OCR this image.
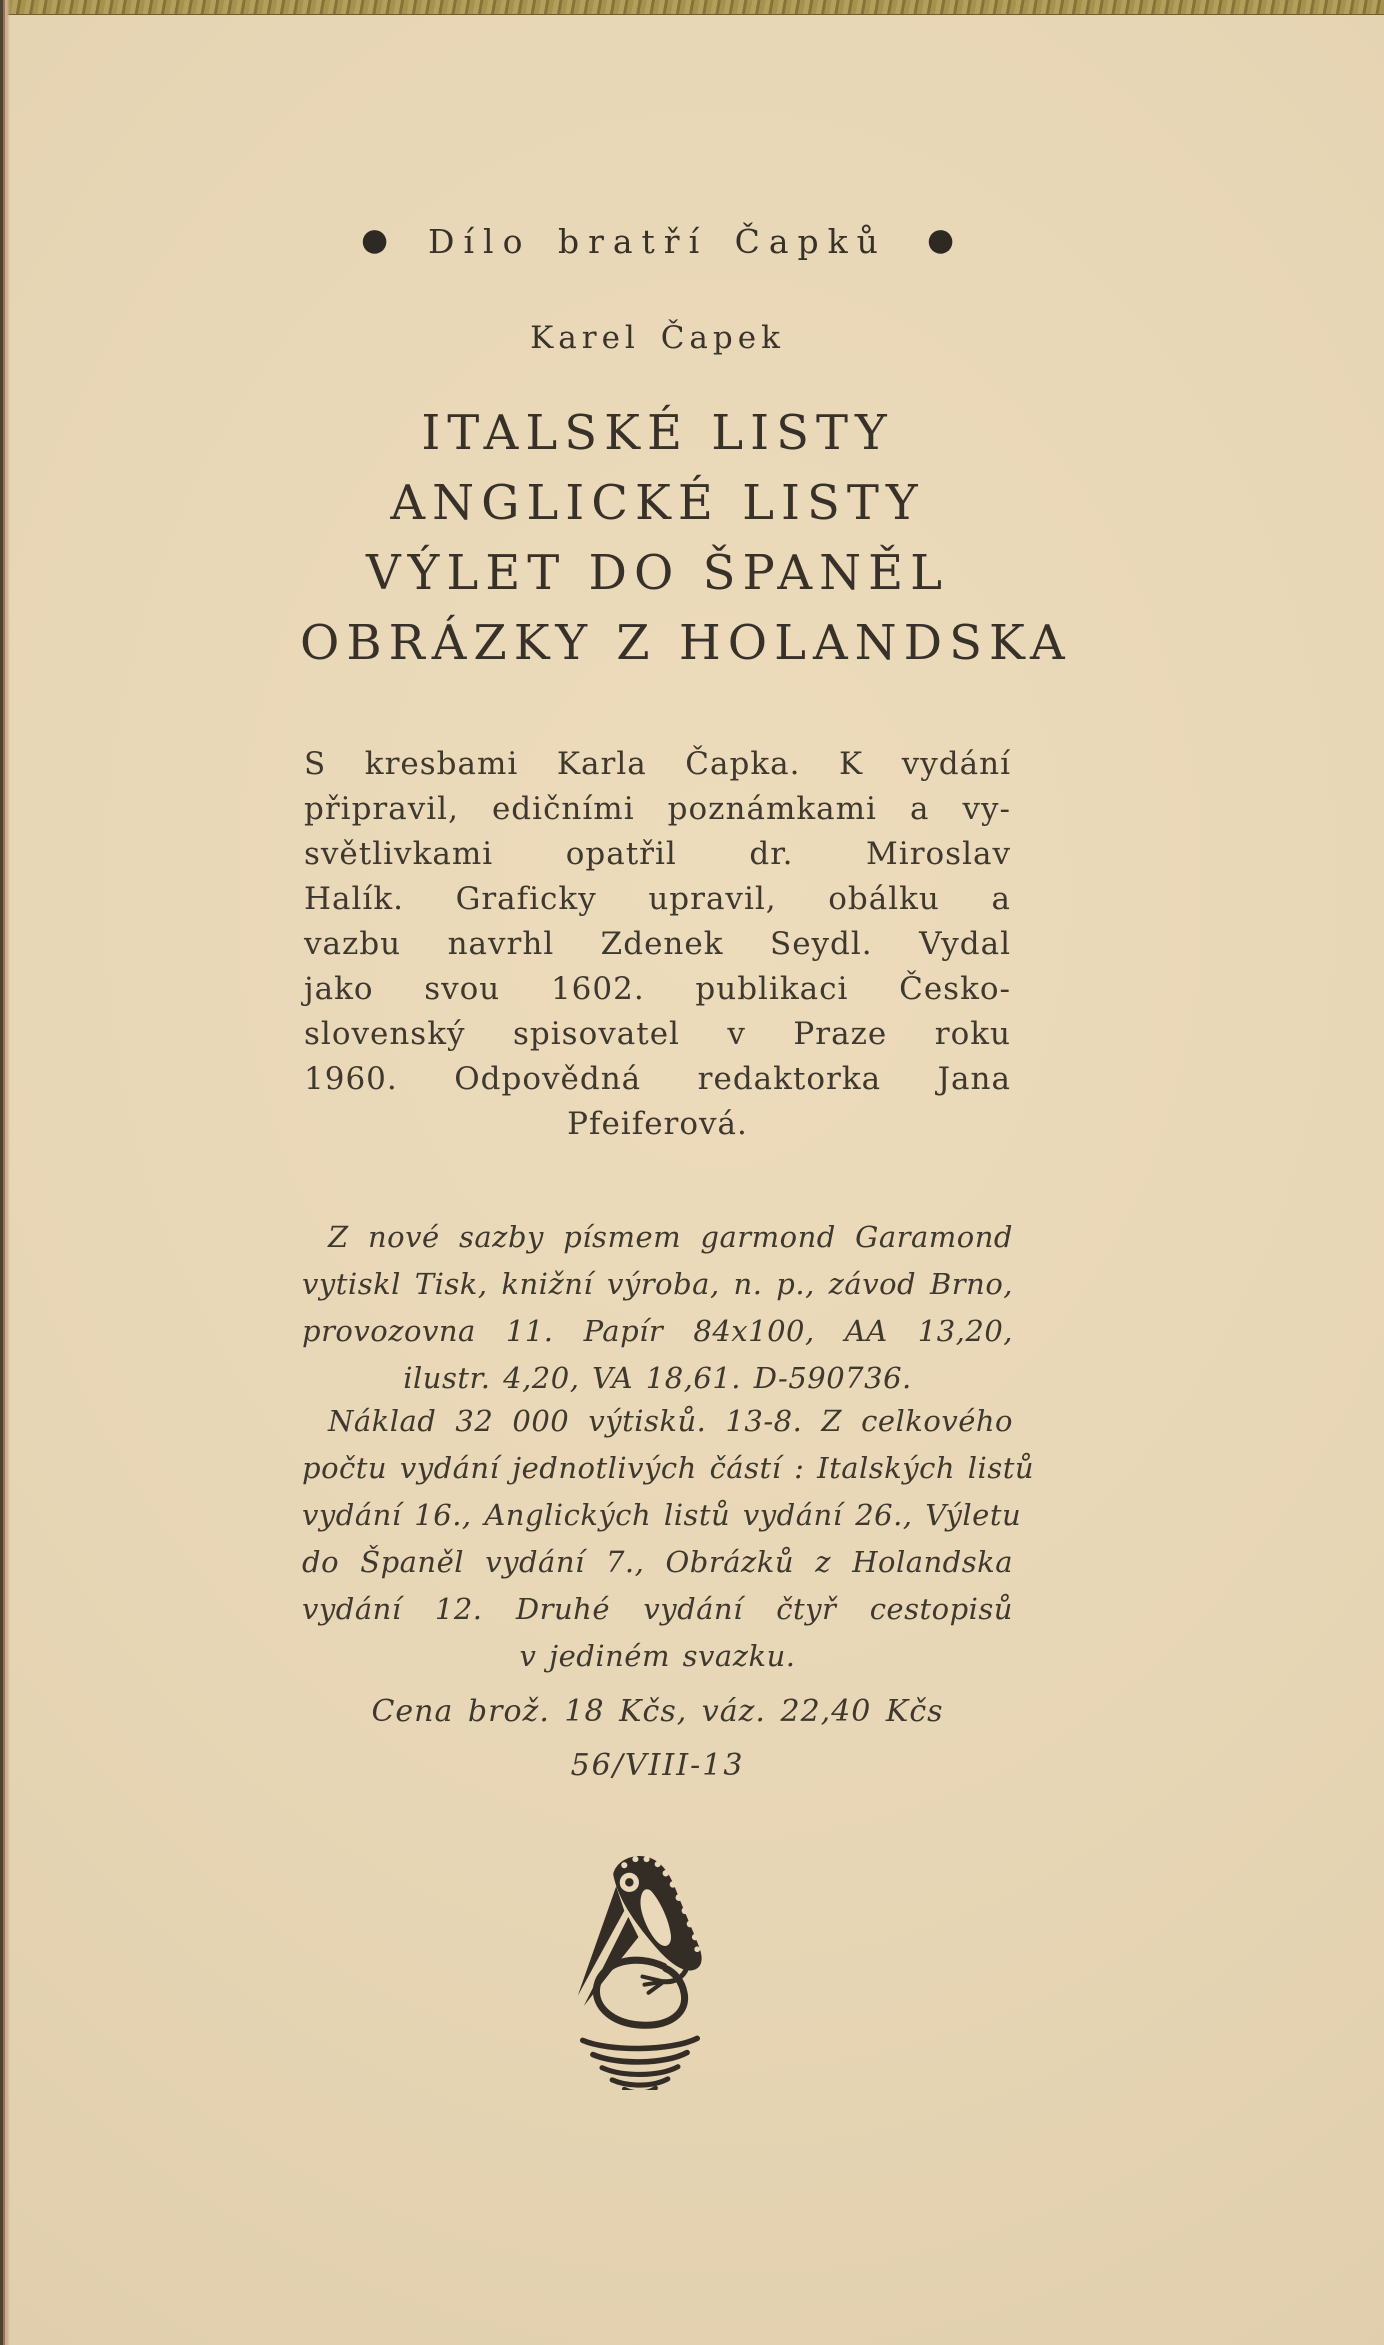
● Dílo bratří Čapků ●
Karel Čapek
ITALSKÉ LISTY
ANGLICKÉ LISTY
VÝLET DO ŠPANĚL
OBRÁZKY Z HOLANDSKA
S kresbami Karla Čapka. K vydání
připravil, edičními poznámkami a vy-
světlivkami opatřil dr. Miroslav
Halík. Graficky upravil, obálku a
vazbu navrhl Zdenek Seydl. Vydal
jako svou 1602. publikaci Česko-
slovenský spisovatel v Praze roku
1960. Odpovědná redaktorka Jana
Pfeiferová.
Z nové sazby písmem garmond Garamond
vytiskl Tisk, knižní výroba, n. p., závod Brno,
provozovna 11. Papír 84x100, AA 13,20,
ilustr. 4,20, VA 18,61. D-590736.
Náklad 32 000 výtisků. 13-8. Z celkového
počtu vydání jednotlivých částí : Italských listů
vydání 16., Anglických listů vydání 26., Výletu
do Španěl vydání 7., Obrázků z Holandska
vydání 12. Druhé vydání čtyř cestopisů
v jediném svazku.
Cena brož. 18 Kčs, váz. 22,40 Kčs
56/VIII-13
